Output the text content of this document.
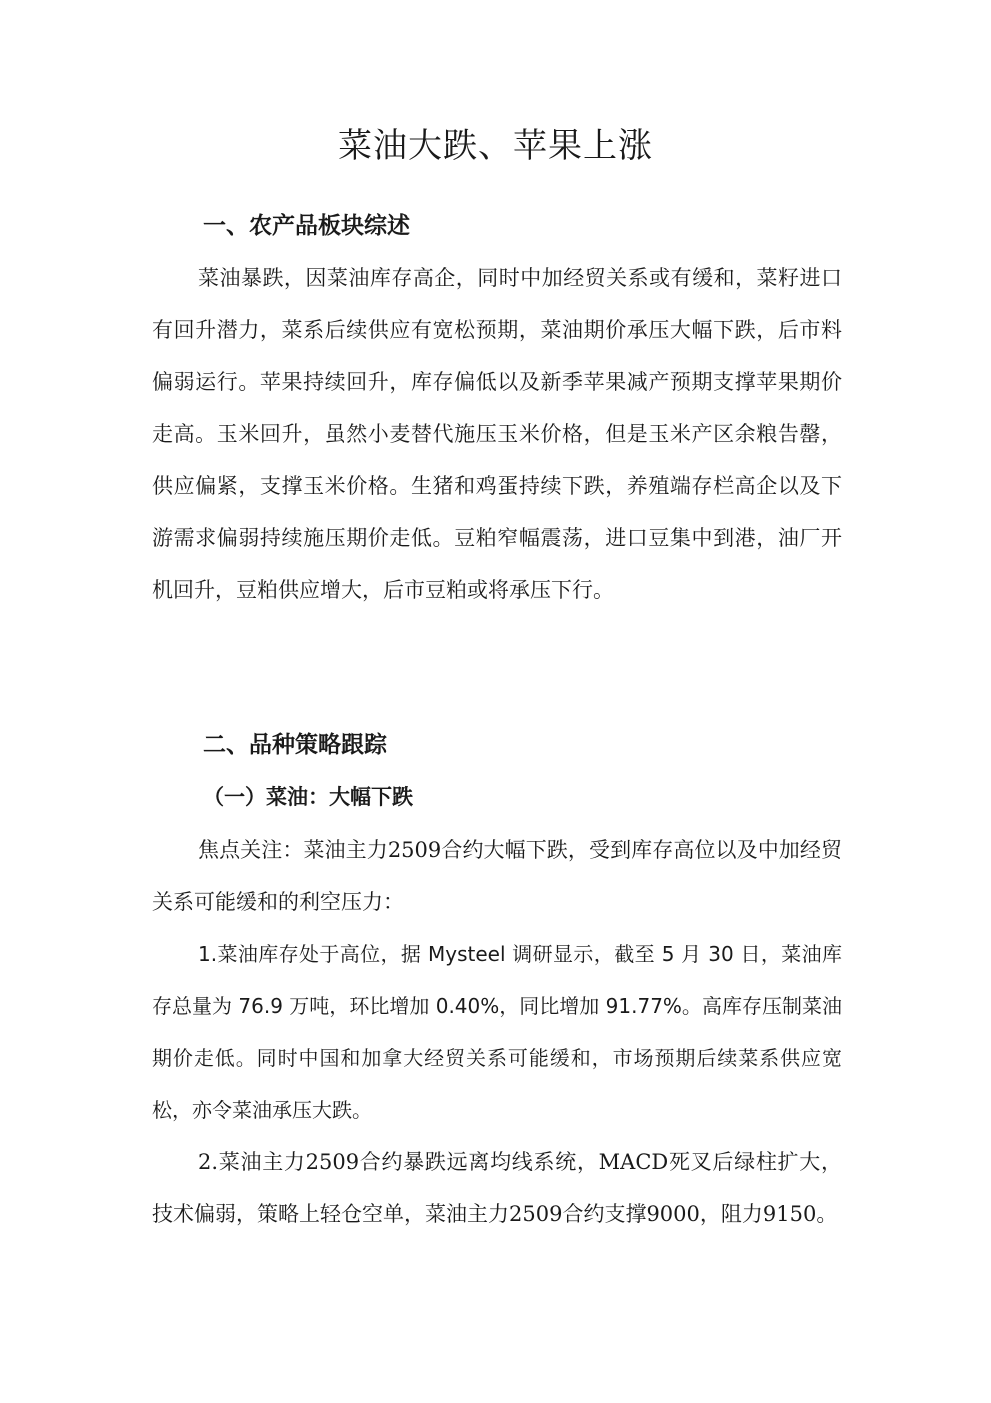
菜油大跌、苹果上涨
一、农产品板块综述

菜油暴跌，因菜油库存高企，同时中加经贸关系或有缓和，菜籽进口有回升潜力，菜系后续供应有宽松预期，菜油期价承压大幅下跌，后市料偏弱运行。苹果持续回升，库存偏低以及新季苹果减产预期支撑苹果期价走高。玉米回升，虽然小麦替代施压玉米价格，但是玉米产区余粮告罄，供应偏紧，支撑玉米价格。生猪和鸡蛋持续下跌，养殖端存栏高企以及下游需求偏弱持续施压期价走低。豆粕窄幅震荡，进口豆集中到港，油厂开机回升，豆粕供应增大，后市豆粕或将承压下行。

二、品种策略跟踪
（一）菜油：大幅下跌

焦点关注：菜油主力2509合约大幅下跌，受到库存高位以及中加经贸关系可能缓和的利空压力：

1.菜油库存处于高位，据 Mysteel 调研显示，截至 5 月 30 日，菜油库存总量为 76.9 万吨，环比增加 0.40%，同比增加 91.77%。高库存压制菜油期价走低。同时中国和加拿大经贸关系可能缓和，市场预期后续菜系供应宽松，亦令菜油承压大跌。

2.菜油主力2509合约暴跌远离均线系统，MACD死叉后绿柱扩大，技术偏弱，策略上轻仓空单，菜油主力2509合约支撑9000，阻力9150。
